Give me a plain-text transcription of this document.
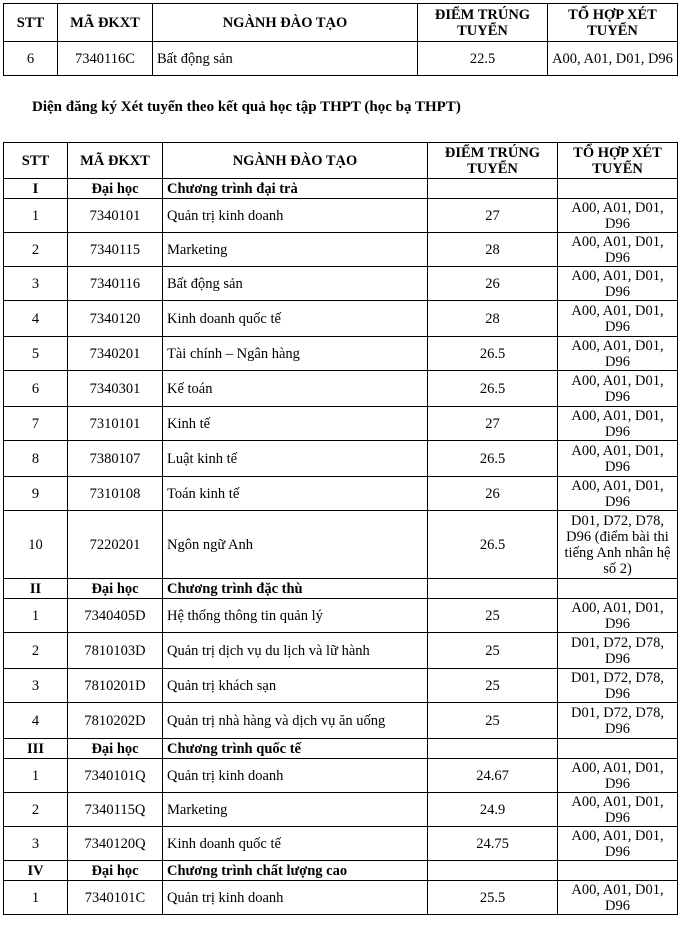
STT	MÃ ĐKXT	NGÀNH ĐÀO TẠO	ĐIỂM TRÚNG TUYỂN	TỔ HỢP XÉT TUYỂN
6	7340116C	Bất động sản	22.5	A00, A01, D01, D96
Diện đăng ký Xét tuyển theo kết quả học tập THPT (học bạ THPT)
STT	MÃ ĐKXT	NGÀNH ĐÀO TẠO	ĐIỂM TRÚNG TUYỂN	TỔ HỢP XÉT TUYỂN
I	Đại học	Chương trình đại trà		
1	7340101	Quản trị kinh doanh	27	A00, A01, D01, D96
2	7340115	Marketing	28	A00, A01, D01, D96
3	7340116	Bất động sản	26	A00, A01, D01, D96
4	7340120	Kinh doanh quốc tế	28	A00, A01, D01, D96
5	7340201	Tài chính – Ngân hàng	26.5	A00, A01, D01, D96
6	7340301	Kế toán	26.5	A00, A01, D01, D96
7	7310101	Kinh tế	27	A00, A01, D01, D96
8	7380107	Luật kinh tế	26.5	A00, A01, D01, D96
9	7310108	Toán kinh tế	26	A00, A01, D01, D96
10	7220201	Ngôn ngữ Anh	26.5	D01, D72, D78, D96 (điểm bài thi tiếng Anh nhân hệ số 2)
II	Đại học	Chương trình đặc thù		
1	7340405D	Hệ thống thông tin quản lý	25	A00, A01, D01, D96
2	7810103D	Quản trị dịch vụ du lịch và lữ hành	25	D01, D72, D78, D96
3	7810201D	Quản trị khách sạn	25	D01, D72, D78, D96
4	7810202D	Quản trị nhà hàng và dịch vụ ăn uống	25	D01, D72, D78, D96
III	Đại học	Chương trình quốc tế		
1	7340101Q	Quản trị kinh doanh	24.67	A00, A01, D01, D96
2	7340115Q	Marketing	24.9	A00, A01, D01, D96
3	7340120Q	Kinh doanh quốc tế	24.75	A00, A01, D01, D96
IV	Đại học	Chương trình chất lượng cao		
1	7340101C	Quản trị kinh doanh	25.5	A00, A01, D01, D96
